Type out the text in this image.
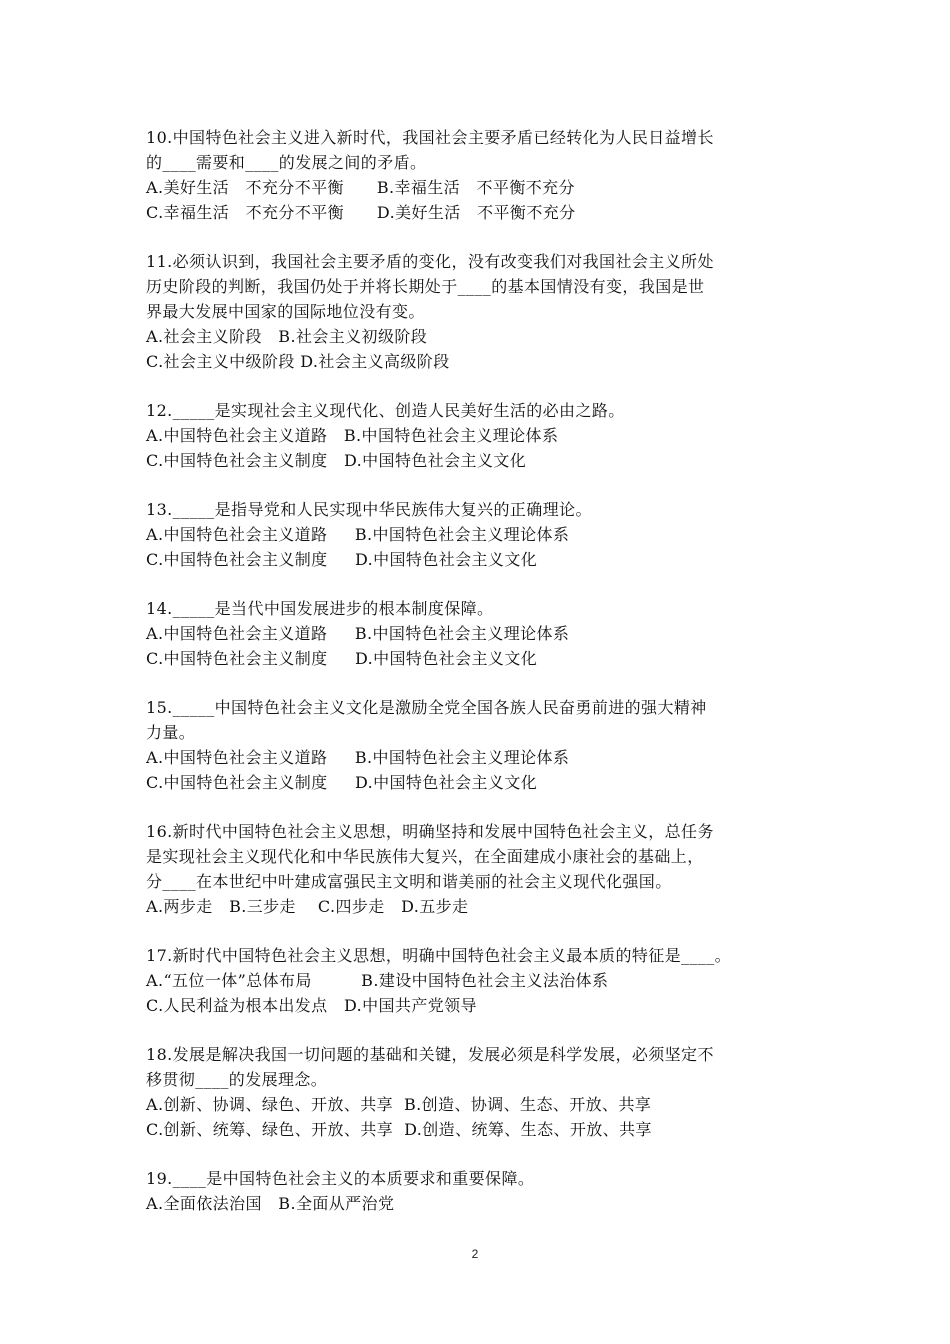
10.中国特色社会主义进入新时代，我国社会主要矛盾已经转化为人民日益增长
的____需要和____的发展之间的矛盾。
A.美好生活   不充分不平衡      B.幸福生活   不平衡不充分
C.幸福生活   不充分不平衡      D.美好生活   不平衡不充分
11.必须认识到，我国社会主要矛盾的变化，没有改变我们对我国社会主义所处
历史阶段的判断，我国仍处于并将长期处于____的基本国情没有变，我国是世
界最大发展中国家的国际地位没有变。
A.社会主义阶段   B.社会主义初级阶段
C.社会主义中级阶段 D.社会主义高级阶段
12._____是实现社会主义现代化、创造人民美好生活的必由之路。
A.中国特色社会主义道路   B.中国特色社会主义理论体系
C.中国特色社会主义制度   D.中国特色社会主义文化
13._____是指导党和人民实现中华民族伟大复兴的正确理论。
A.中国特色社会主义道路     B.中国特色社会主义理论体系
C.中国特色社会主义制度     D.中国特色社会主义文化
14._____是当代中国发展进步的根本制度保障。
A.中国特色社会主义道路     B.中国特色社会主义理论体系
C.中国特色社会主义制度     D.中国特色社会主义文化
15._____中国特色社会主义文化是激励全党全国各族人民奋勇前进的强大精神
力量。
A.中国特色社会主义道路     B.中国特色社会主义理论体系
C.中国特色社会主义制度     D.中国特色社会主义文化
16.新时代中国特色社会主义思想，明确坚持和发展中国特色社会主义，总任务
是实现社会主义现代化和中华民族伟大复兴，在全面建成小康社会的基础上，
分____在本世纪中叶建成富强民主文明和谐美丽的社会主义现代化强国。
A.两步走   B.三步走    C.四步走   D.五步走
17.新时代中国特色社会主义思想，明确中国特色社会主义最本质的特征是____。
A.“五位一体”总体布局         B.建设中国特色社会主义法治体系
C.人民利益为根本出发点   D.中国共产党领导
18.发展是解决我国一切问题的基础和关键，发展必须是科学发展，必须坚定不
移贯彻____的发展理念。
A.创新、协调、绿色、开放、共享  B.创造、协调、生态、开放、共享
C.创新、统筹、绿色、开放、共享  D.创造、统筹、生态、开放、共享
19.____是中国特色社会主义的本质要求和重要保障。
A.全面依法治国   B.全面从严治党
2
